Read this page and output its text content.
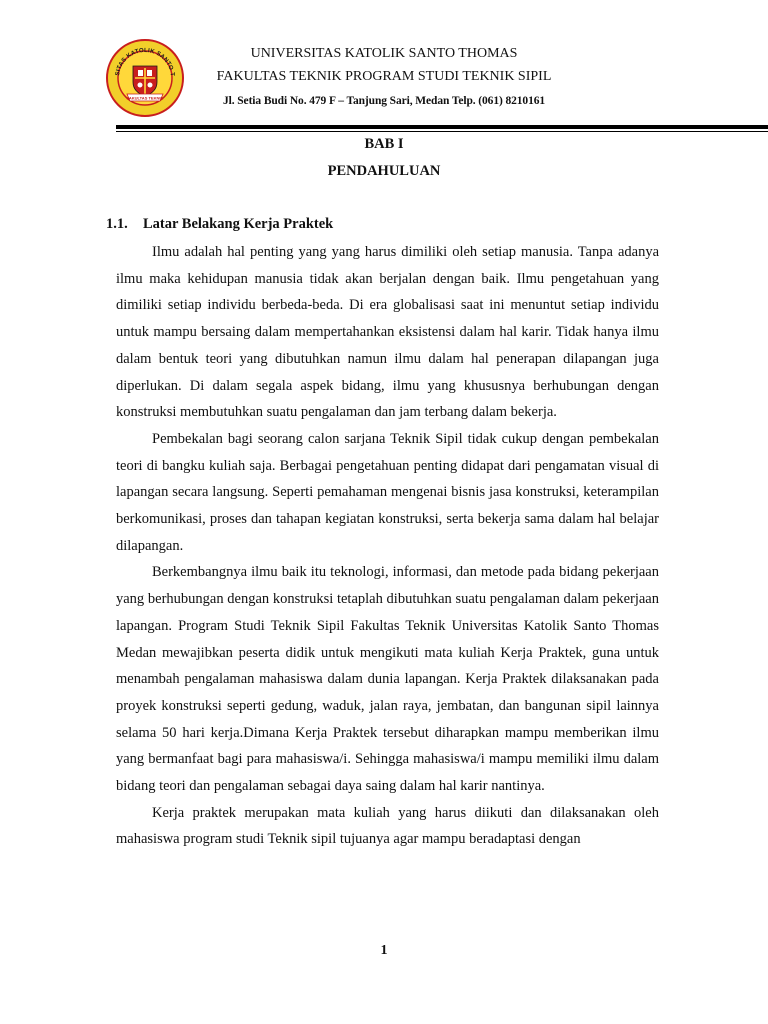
SITAS KATOLIK SANTO T
FAKULTAS TEKNIK
UNIVERSITAS KATOLIK SANTO THOMAS
FAKULTAS TEKNIK PROGRAM STUDI TEKNIK SIPIL
Jl. Setia Budi No. 479 F – Tanjung Sari, Medan Telp. (061) 8210161
BAB I
PENDAHULUAN
1.1. Latar Belakang Kerja Praktek

Ilmu adalah hal penting yang yang harus dimiliki oleh setiap manusia. Tanpa adanya ilmu maka kehidupan manusia tidak akan berjalan dengan baik. Ilmu pengetahuan yang dimiliki setiap individu berbeda-beda. Di era globalisasi saat ini menuntut setiap individu untuk mampu bersaing dalam mempertahankan eksistensi dalam hal karir. Tidak hanya ilmu dalam bentuk teori yang dibutuhkan namun ilmu dalam hal penerapan dilapangan juga diperlukan. Di dalam segala aspek bidang, ilmu yang khususnya berhubungan dengan konstruksi membutuhkan suatu pengalaman dan jam terbang dalam bekerja.

Pembekalan bagi seorang calon sarjana Teknik Sipil tidak cukup dengan pembekalan teori di bangku kuliah saja. Berbagai pengetahuan penting didapat dari pengamatan visual di lapangan secara langsung. Seperti pemahaman mengenai bisnis jasa konstruksi, keterampilan berkomunikasi, proses dan tahapan kegiatan konstruksi, serta bekerja sama dalam hal belajar dilapangan.

Berkembangnya ilmu baik itu teknologi, informasi, dan metode pada bidang pekerjaan yang berhubungan dengan konstruksi tetaplah dibutuhkan suatu pengalaman dalam pekerjaan lapangan. Program Studi Teknik Sipil Fakultas Teknik Universitas Katolik Santo Thomas Medan mewajibkan peserta didik untuk mengikuti mata kuliah Kerja Praktek, guna untuk menambah pengalaman mahasiswa dalam dunia lapangan. Kerja Praktek dilaksanakan pada proyek konstruksi seperti gedung, waduk, jalan raya, jembatan, dan bangunan sipil lainnya selama 50 hari kerja.Dimana Kerja Praktek tersebut diharapkan mampu memberikan ilmu yang bermanfaat bagi para mahasiswa/i. Sehingga mahasiswa/i mampu memiliki ilmu dalam bidang teori dan pengalaman sebagai daya saing dalam hal karir nantinya.

Kerja praktek merupakan mata kuliah yang harus diikuti dan dilaksanakan oleh mahasiswa program studi Teknik sipil tujuanya agar mampu beradaptasi dengan

1
